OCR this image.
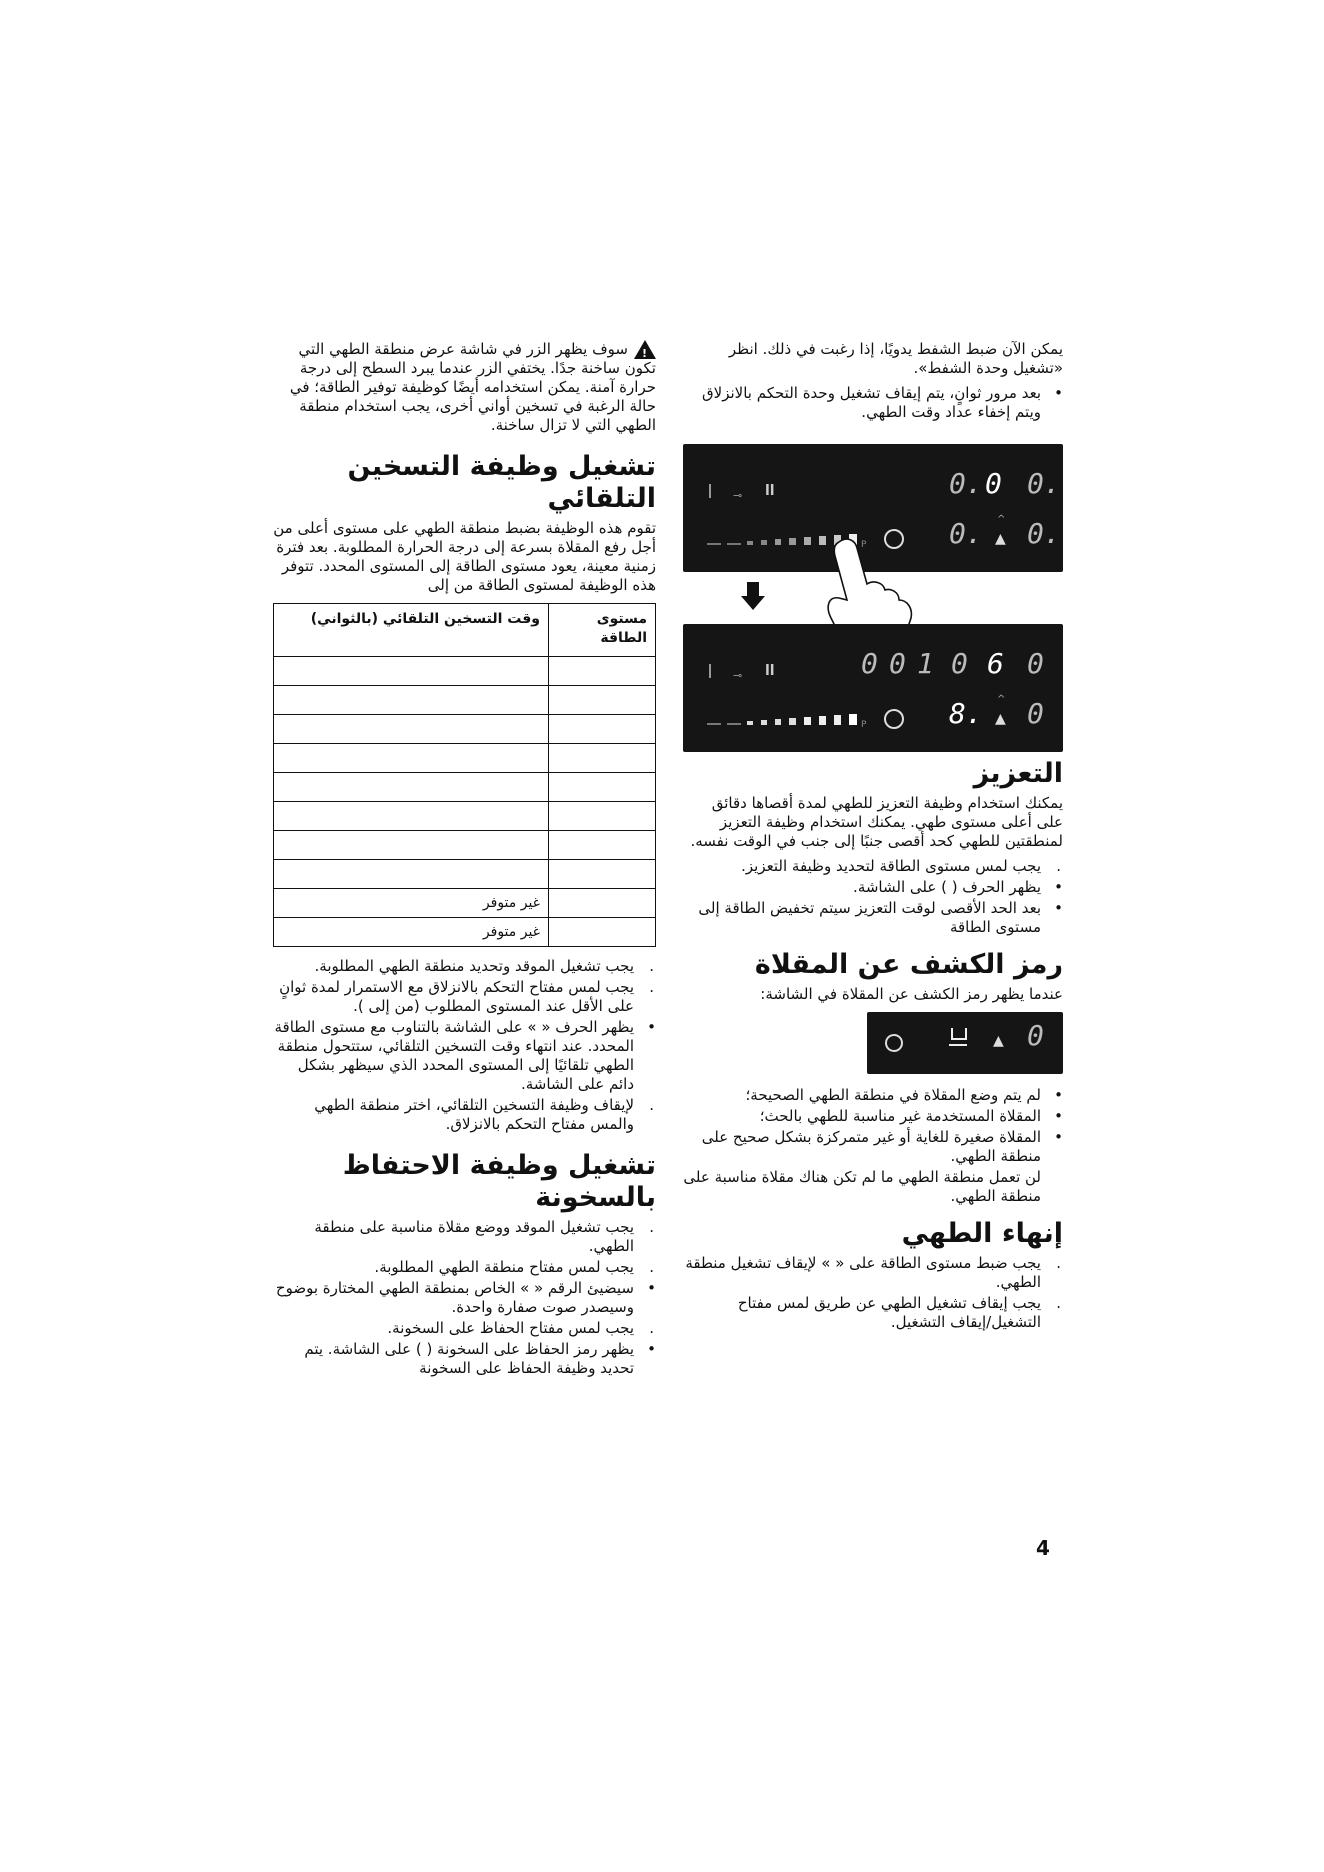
يمكن الآن ضبط الشفط يدويًا، إذا رغبت في ذلك. انظر «تشغيل وحدة الشفط».

• بعد مرور ثوانٍ، يتم إيقاف تشغيل وحدة التحكم بالانزلاق ويتم إخفاء عداد وقت الطهي.
⊸ ll	0. 0 0.
P	0. ▲
^ 0.
⊸ ll	0 0 1 0 6 0
P	8. ▲
^ 0
التعزيز

يمكنك استخدام وظيفة التعزيز للطهي لمدة أقصاها دقائق على أعلى مستوى طهي. يمكنك استخدام وظيفة التعزيز لمنطقتين للطهي كحد أقصى جنبًا إلى جنب في الوقت نفسه.

. يجب لمس مستوى الطاقة لتحديد وظيفة التعزيز.
• يظهر الحرف ( ) على الشاشة.
• بعد الحد الأقصى لوقت التعزيز سيتم تخفيض الطاقة إلى مستوى الطاقة
رمز الكشف عن المقلاة

عندما يظهر رمز الكشف عن المقلاة في الشاشة:

▲ 0
• لم يتم وضع المقلاة في منطقة الطهي الصحيحة؛
• المقلاة المستخدمة غير مناسبة للطهي بالحث؛
• المقلاة صغيرة للغاية أو غير متمركزة بشكل صحيح على منطقة الطهي.

لن تعمل منطقة الطهي ما لم تكن هناك مقلاة مناسبة على منطقة الطهي.

إنهاء الطهي
. يجب ضبط مستوى الطاقة على « » لإيقاف تشغيل منطقة الطهي.
. يجب إيقاف تشغيل الطهي عن طريق لمس مفتاح التشغيل/إيقاف التشغيل.

!سوف يظهر الزر في شاشة عرض منطقة الطهي التي تكون ساخنة جدًا. يختفي الزر عندما يبرد السطح إلى درجة حرارة آمنة. يمكن استخدامه أيضًا كوظيفة توفير الطاقة؛ في حالة الرغبة في تسخين أواني أخرى، يجب استخدام منطقة الطهي التي لا تزال ساخنة.

تشغيل وظيفة التسخين التلقائي

تقوم هذه الوظيفة بضبط منطقة الطهي على مستوى أعلى من أجل رفع المقلاة بسرعة إلى درجة الحرارة المطلوبة. بعد فترة زمنية معينة، يعود مستوى الطاقة إلى المستوى المحدد. تتوفر هذه الوظيفة لمستوى الطاقة من إلى

مستوى الطاقة	وقت التسخين التلقائي (بالثواني)

	غير متوفر
	غير متوفر
. يجب تشغيل الموقد وتحديد منطقة الطهي المطلوبة.
. يجب لمس مفتاح التحكم بالانزلاق مع الاستمرار لمدة ثوانٍ على الأقل عند المستوى المطلوب (من إلى ).
• يظهر الحرف « » على الشاشة بالتناوب مع مستوى الطاقة المحدد. عند انتهاء وقت التسخين التلقائي، ستتحول منطقة الطهي تلقائيًا إلى المستوى المحدد الذي سيظهر بشكل دائم على الشاشة.
. لإيقاف وظيفة التسخين التلقائي، اختر منطقة الطهي والمس مفتاح التحكم بالانزلاق.
تشغيل وظيفة الاحتفاظ بالسخونة
. يجب تشغيل الموقد ووضع مقلاة مناسبة على منطقة الطهي.
. يجب لمس مفتاح منطقة الطهي المطلوبة.
• سيضيئ الرقم « » الخاص بمنطقة الطهي المختارة بوضوح وسيصدر صوت صفارة واحدة.
. يجب لمس مفتاح الحفاظ على السخونة.
• يظهر رمز الحفاظ على السخونة ( ) على الشاشة. يتم تحديد وظيفة الحفاظ على السخونة
4
